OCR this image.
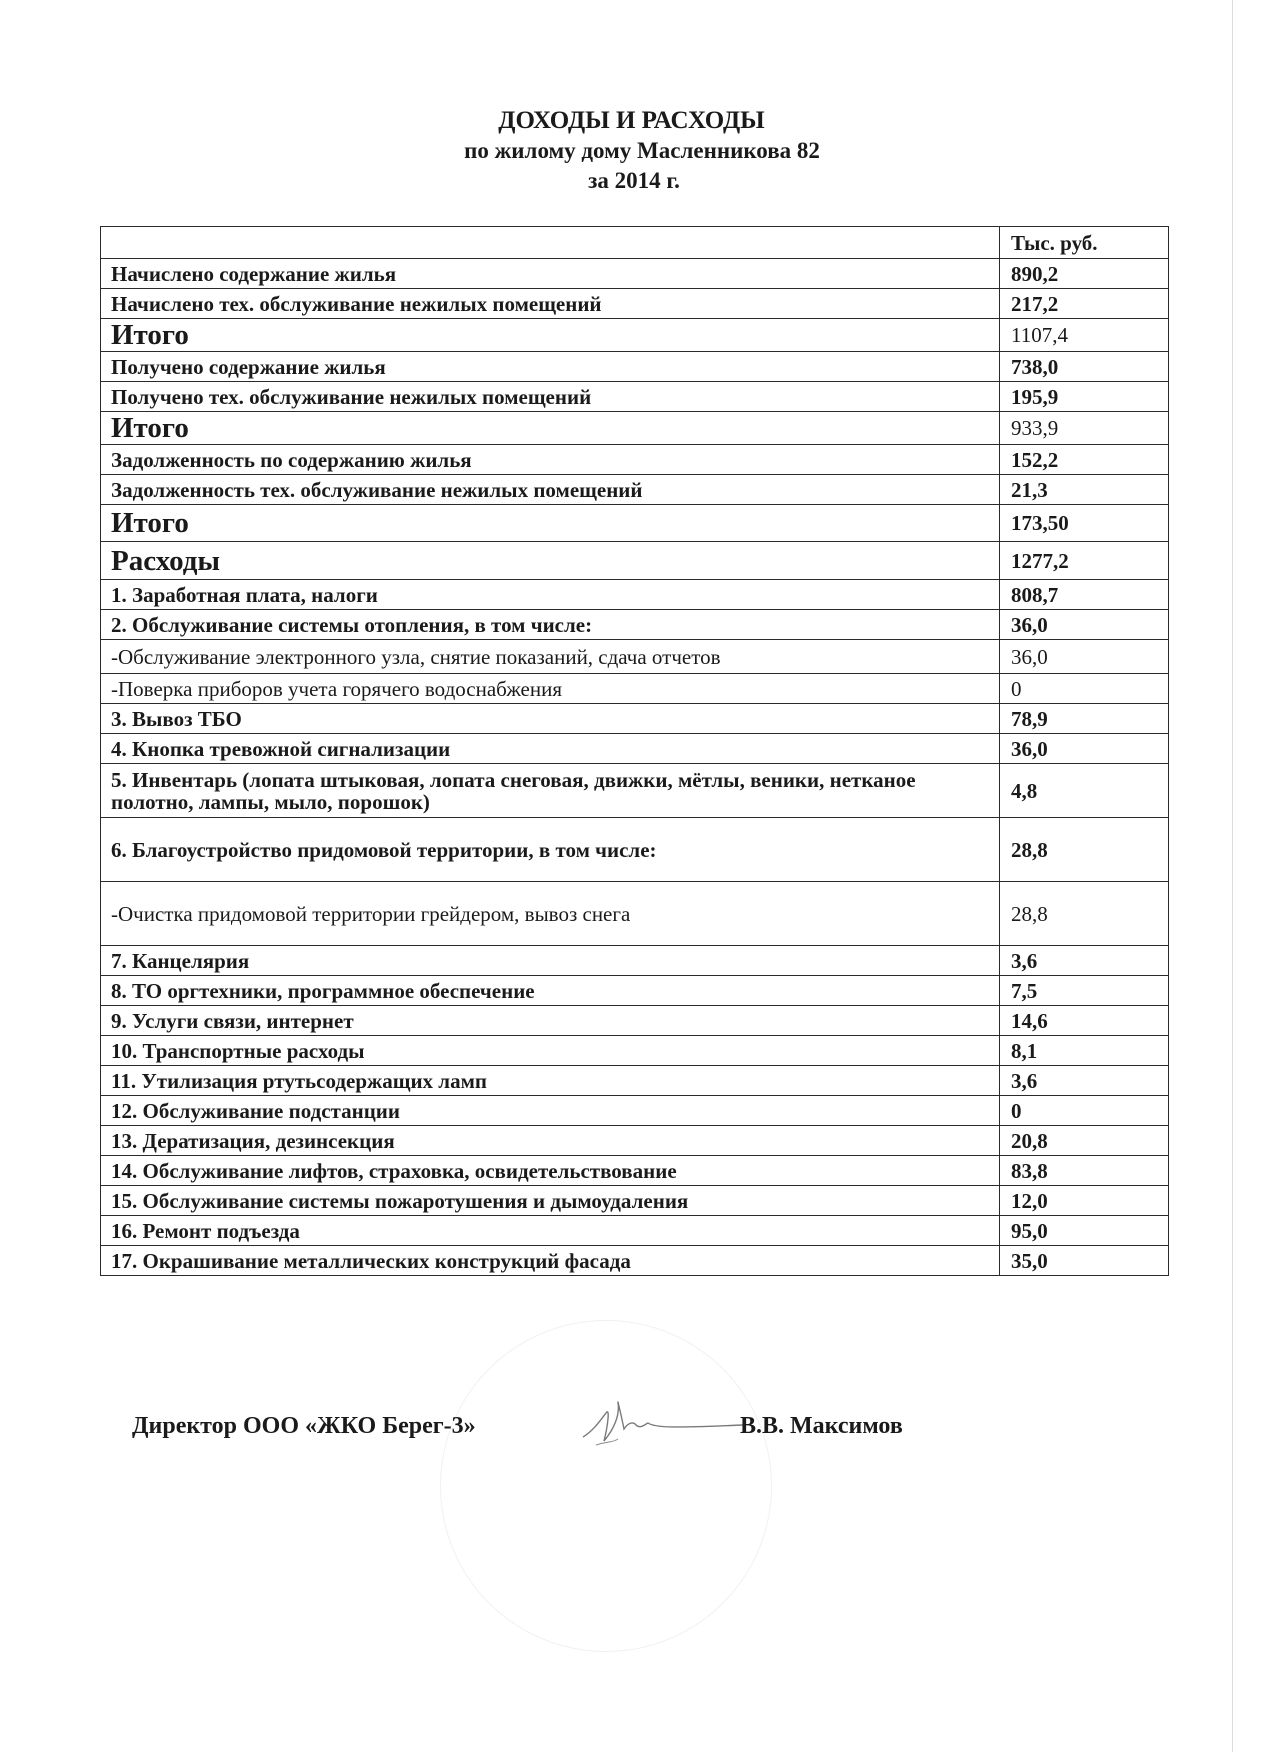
ДОХОДЫ И РАСХОДЫ
по жилому дому Масленникова 82
за 2014 г.
	Тыс. руб.
Начислено содержание жилья	890,2
Начислено тех. обслуживание нежилых помещений	217,2
Итого	1107,4
Получено содержание жилья	738,0
Получено тех. обслуживание нежилых помещений	195,9
Итого	933,9
Задолженность по содержанию жилья	152,2
Задолженность тех. обслуживание нежилых помещений	21,3
Итого	173,50
Расходы	1277,2
1. Заработная плата, налоги	808,7
2. Обслуживание системы отопления, в том числе:	36,0
-Обслуживание электронного узла, снятие показаний, сдача отчетов	36,0
-Поверка приборов учета горячего водоснабжения	0
3. Вывоз ТБО	78,9
4. Кнопка тревожной сигнализации	36,0
5. Инвентарь (лопата штыковая, лопата снеговая, движки, мётлы, веники, нетканое полотно, лампы, мыло, порошок)	4,8
6. Благоустройство придомовой территории, в том числе:	28,8
-Очистка придомовой территории грейдером, вывоз снега	28,8
7. Канцелярия	3,6
8. ТО оргтехники, программное обеспечение	7,5
9. Услуги связи, интернет	14,6
10. Транспортные расходы	8,1
11. Утилизация ртутьсодержащих ламп	3,6
12. Обслуживание подстанции	0
13. Дератизация, дезинсекция	20,8
14. Обслуживание лифтов, страховка, освидетельствование	83,8
15. Обслуживание системы пожаротушения и дымоудаления	12,0
16. Ремонт подъезда	95,0
17. Окрашивание металлических конструкций фасада	35,0
Директор ООО «ЖКО Берег-3»	В.В. Максимов
